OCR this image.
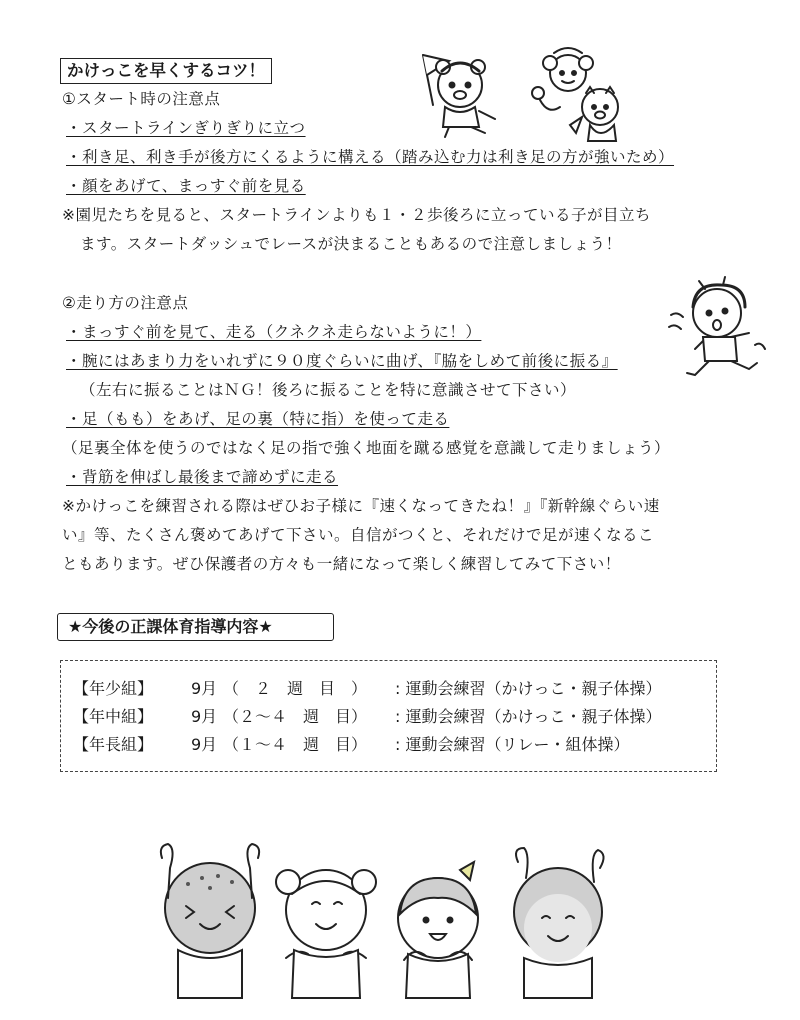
かけっこを早くするコツ！
①スタート時の注意点
・スタートラインぎりぎりに立つ
・利き足、利き手が後方にくるように構える（踏み込む力は利き足の方が強いため）
・顔をあげて、まっすぐ前を見る
※園児たちを見ると、スタートラインよりも１・２歩後ろに立っている子が目立ち
ます。スタートダッシュでレースが決まることもあるので注意しましょう！
②走り方の注意点
・まっすぐ前を見て、走る（クネクネ走らないように！）
・腕にはあまり力をいれずに９０度ぐらいに曲げ、『脇をしめて前後に振る』
（左右に振ることはＮＧ！後ろに振ることを特に意識させて下さい）
・足（もも）をあげ、足の裏（特に指）を使って走る
（足裏全体を使うのではなく足の指で強く地面を蹴る感覚を意識して走りましょう）
・背筋を伸ばし最後まで諦めずに走る
※かけっこを練習される際はぜひお子様に『速くなってきたね！』『新幹線ぐらい速
い』等、たくさん褒めてあげて下さい。自信がつくと、それだけで足が速くなるこ
ともあります。ぜひ保護者の方々も一緒になって楽しく練習してみて下さい！
★今後の正課体育指導内容★
【年少組】 9月 （　２　週　目　） : 運動会練習（かけっこ・親子体操）
【年中組】 9月 （２～４　週　目） : 運動会練習（かけっこ・親子体操）
【年長組】 9月 （１～４　週　目） : 運動会練習（リレー・組体操）
